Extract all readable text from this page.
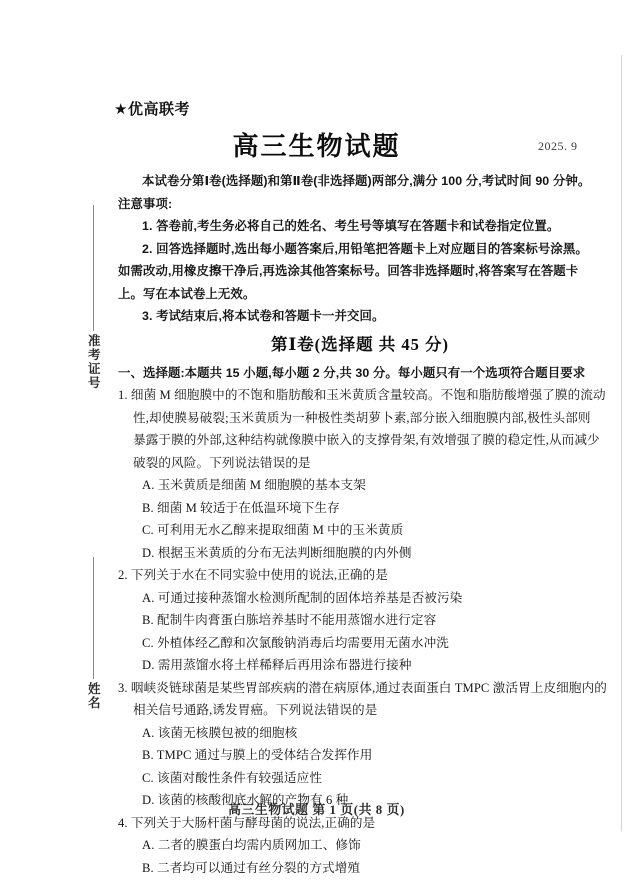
准考证号
姓名
★优高联考
高三生物试题	2025. 9
本试卷分第Ⅰ卷(选择题)和第Ⅱ卷(非选择题)两部分,满分 100 分,考试时间 90 分钟。
注意事项:
1. 答卷前,考生务必将自己的姓名、考生号等填写在答题卡和试卷指定位置。
2. 回答选择题时,选出每小题答案后,用铅笔把答题卡上对应题目的答案标号涂黑。
如需改动,用橡皮擦干净后,再选涂其他答案标号。回答非选择题时,将答案写在答题卡
上。写在本试卷上无效。
3. 考试结束后,将本试卷和答题卡一并交回。
第Ⅰ卷(选择题 共 45 分)
一、选择题:本题共 15 小题,每小题 2 分,共 30 分。每小题只有一个选项符合题目要求
1. 细菌 M 细胞膜中的不饱和脂肪酸和玉米黄质含量较高。不饱和脂肪酸增强了膜的流动
性,却使膜易破裂;玉米黄质为一种极性类胡萝卜素,部分嵌入细胞膜内部,极性头部则
暴露于膜的外部,这种结构就像膜中嵌入的支撑骨架,有效增强了膜的稳定性,从而减少
破裂的风险。下列说法错误的是
A. 玉米黄质是细菌 M 细胞膜的基本支架
B. 细菌 M 较适于在低温环境下生存
C. 可利用无水乙醇来提取细菌 M 中的玉米黄质
D. 根据玉米黄质的分布无法判断细胞膜的内外侧
2. 下列关于水在不同实验中使用的说法,正确的是
A. 可通过接种蒸馏水检测所配制的固体培养基是否被污染
B. 配制牛肉膏蛋白胨培养基时不能用蒸馏水进行定容
C. 外植体经乙醇和次氯酸钠消毒后均需要用无菌水冲洗
D. 需用蒸馏水将土样稀释后再用涂布器进行接种
3. 咽峡炎链球菌是某些胃部疾病的潜在病原体,通过表面蛋白 TMPC 激活胃上皮细胞内的
相关信号通路,诱发胃癌。下列说法错误的是
A. 该菌无核膜包被的细胞核
B. TMPC 通过与膜上的受体结合发挥作用
C. 该菌对酸性条件有较强适应性
D. 该菌的核酸彻底水解的产物有 6 种
4. 下列关于大肠杆菌与酵母菌的说法,正确的是
A. 二者的膜蛋白均需内质网加工、修饰
B. 二者均可以通过有丝分裂的方式增殖
高三生物试题 第 1 页(共 8 页)
